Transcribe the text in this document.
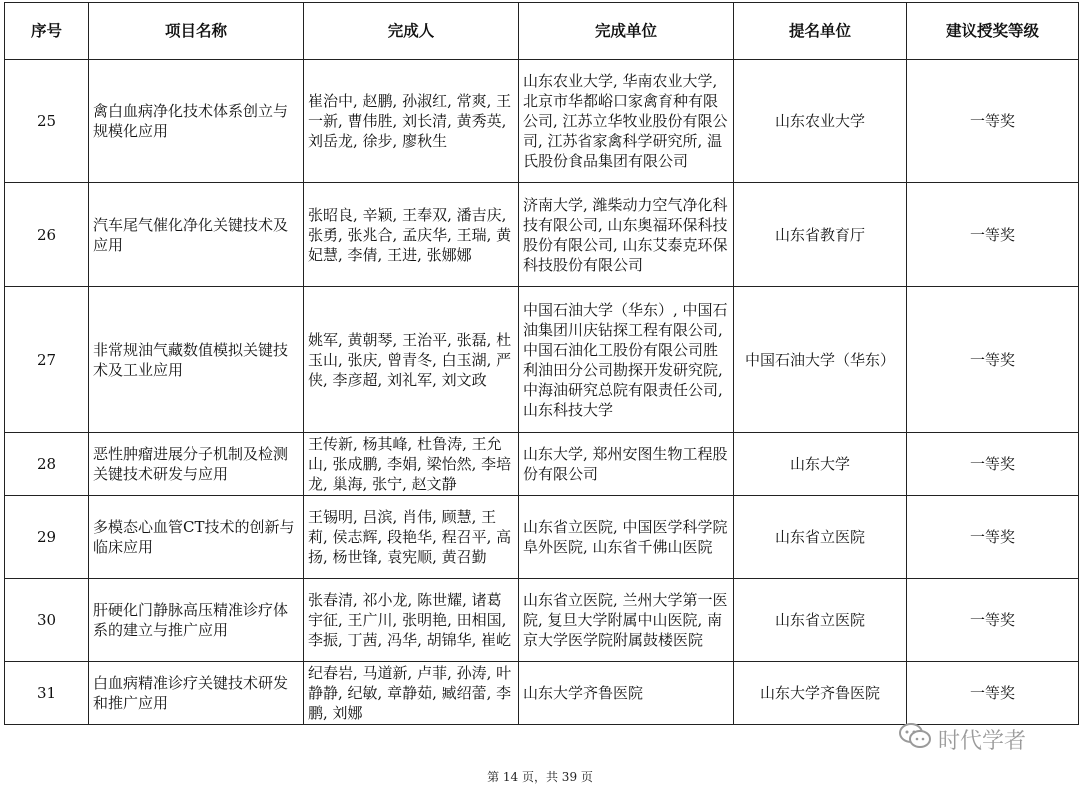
序号	项目名称	完成人	完成单位	提名单位	建议授奖等级
25	禽白血病净化技术体系创立与规模化应用	崔治中, 赵鹏, 孙淑红, 常爽, 王一新, 曹伟胜, 刘长清, 黄秀英, 刘岳龙, 徐步, 廖秋生	山东农业大学, 华南农业大学, 北京市华都峪口家禽育种有限公司, 江苏立华牧业股份有限公司, 江苏省家禽科学研究所, 温氏股份食品集团有限公司	山东农业大学	一等奖
26	汽车尾气催化净化关键技术及应用	张昭良, 辛颖, 王奉双, 潘吉庆, 张勇, 张兆合, 孟庆华, 王瑞, 黄妃慧, 李倩, 王进, 张娜娜	济南大学, 潍柴动力空气净化科技有限公司, 山东奥福环保科技股份有限公司, 山东艾泰克环保科技股份有限公司	山东省教育厅	一等奖
27	非常规油气藏数值模拟关键技术及工业应用	姚军, 黄朝琴, 王治平, 张磊, 杜玉山, 张庆, 曾青冬, 白玉湖, 严侠, 李彦超, 刘礼军, 刘文政	中国石油大学（华东）, 中国石油集团川庆钻探工程有限公司, 中国石油化工股份有限公司胜利油田分公司勘探开发研究院, 中海油研究总院有限责任公司, 山东科技大学	中国石油大学（华东）	一等奖
28	恶性肿瘤进展分子机制及检测关键技术研发与应用	王传新, 杨其峰, 杜鲁涛, 王允山, 张成鹏, 李娟, 梁怡然, 李培龙, 巢海, 张宁, 赵文静	山东大学, 郑州安图生物工程股份有限公司	山东大学	一等奖
29	多模态心血管CT技术的创新与临床应用	王锡明, 吕滨, 肖伟, 顾慧, 王莉, 侯志辉, 段艳华, 程召平, 高扬, 杨世锋, 袁宪顺, 黄召勤	山东省立医院, 中国医学科学院阜外医院, 山东省千佛山医院	山东省立医院	一等奖
30	肝硬化门静脉高压精准诊疗体系的建立与推广应用	张春清, 祁小龙, 陈世耀, 诸葛宇征, 王广川, 张明艳, 田相国, 李振, 丁茜, 冯华, 胡锦华, 崔屹	山东省立医院, 兰州大学第一医院, 复旦大学附属中山医院, 南京大学医学院附属鼓楼医院	山东省立医院	一等奖
31	白血病精准诊疗关键技术研发和推广应用	纪春岩, 马道新, 卢菲, 孙涛, 叶静静, 纪敏, 章静茹, 臧绍蕾, 李鹏, 刘娜	山东大学齐鲁医院	山东大学齐鲁医院	一等奖
时代学者
第 14 页，共 39 页
